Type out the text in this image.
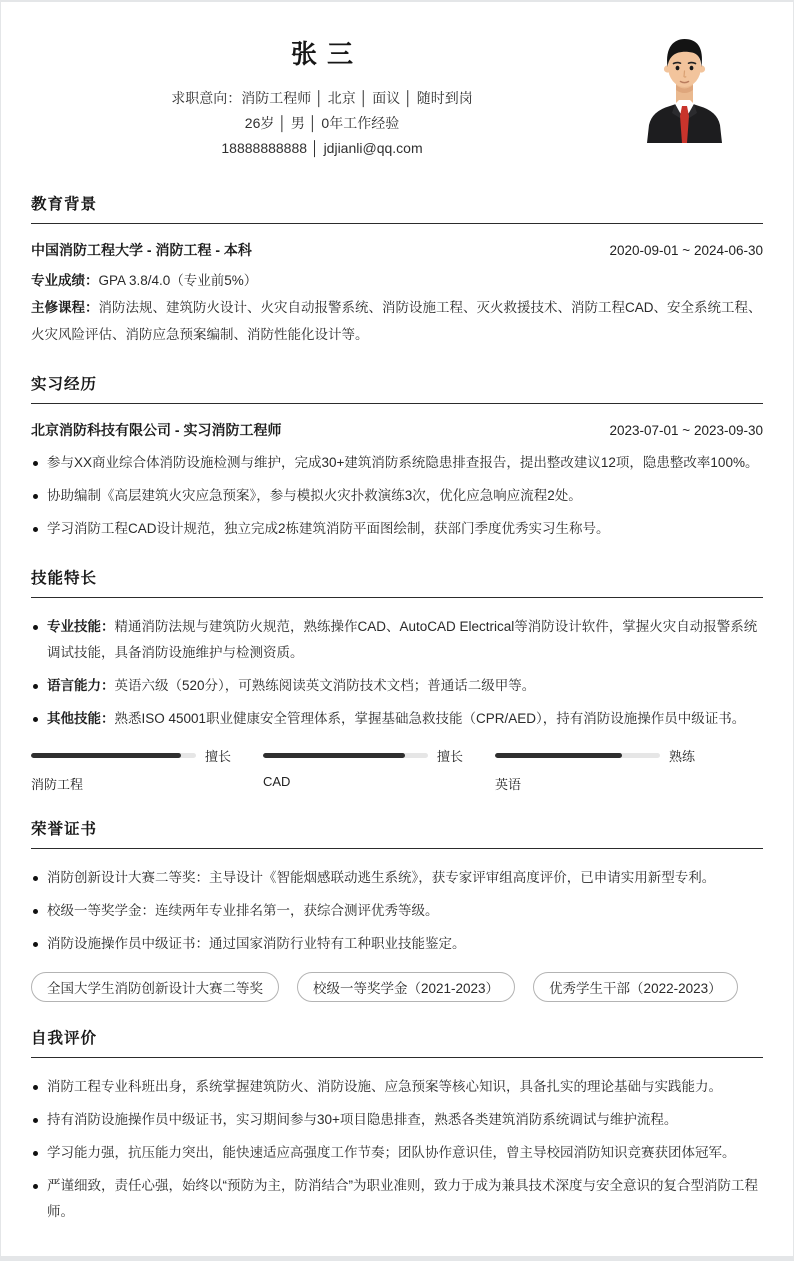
张三

求职意向：消防工程师 │ 北京 │ 面议 │ 随时到岗

26岁 │ 男 │ 0年工作经验

18888888888 │ jdjianli@qq.com

教育背景
中国消防工程大学 - 消防工程 - 本科	2020-09-01 ~ 2024-06-30

专业成绩：GPA 3.8/4.0（专业前5%）

主修课程：消防法规、建筑防火设计、火灾自动报警系统、消防设施工程、灭火救援技术、消防工程CAD、安全系统工程、火灾风险评估、消防应急预案编制、消防性能化设计等。

实习经历
北京消防科技有限公司 - 实习消防工程师	2023-07-01 ~ 2023-09-30
参与XX商业综合体消防设施检测与维护，完成30+建筑消防系统隐患排查报告，提出整改建议12项，隐患整改率100%。
协助编制《高层建筑火灾应急预案》，参与模拟火灾扑救演练3次，优化应急响应流程2处。
学习消防工程CAD设计规范，独立完成2栋建筑消防平面图绘制，获部门季度优秀实习生称号。
技能特长
专业技能：精通消防法规与建筑防火规范，熟练操作CAD、AutoCAD Electrical等消防设计软件，掌握火灾自动报警系统调试技能，具备消防设施维护与检测资质。
语言能力：英语六级（520分），可熟练阅读英文消防技术文档；普通话二级甲等。
其他技能：熟悉ISO 45001职业健康安全管理体系，掌握基础急救技能（CPR/AED），持有消防设施操作员中级证书。
擅长
消防工程
擅长
CAD
熟练
英语
荣誉证书
消防创新设计大赛二等奖：主导设计《智能烟感联动逃生系统》，获专家评审组高度评价，已申请实用新型专利。
校级一等奖学金：连续两年专业排名第一，获综合测评优秀等级。
消防设施操作员中级证书：通过国家消防行业特有工种职业技能鉴定。
全国大学生消防创新设计大赛二等奖	校级一等奖学金（2021-2023）	优秀学生干部（2022-2023）
自我评价
消防工程专业科班出身，系统掌握建筑防火、消防设施、应急预案等核心知识，具备扎实的理论基础与实践能力。
持有消防设施操作员中级证书，实习期间参与30+项目隐患排查，熟悉各类建筑消防系统调试与维护流程。
学习能力强，抗压能力突出，能快速适应高强度工作节奏；团队协作意识佳，曾主导校园消防知识竞赛获团体冠军。
严谨细致，责任心强，始终以“预防为主，防消结合”为职业准则，致力于成为兼具技术深度与安全意识的复合型消防工程师。
